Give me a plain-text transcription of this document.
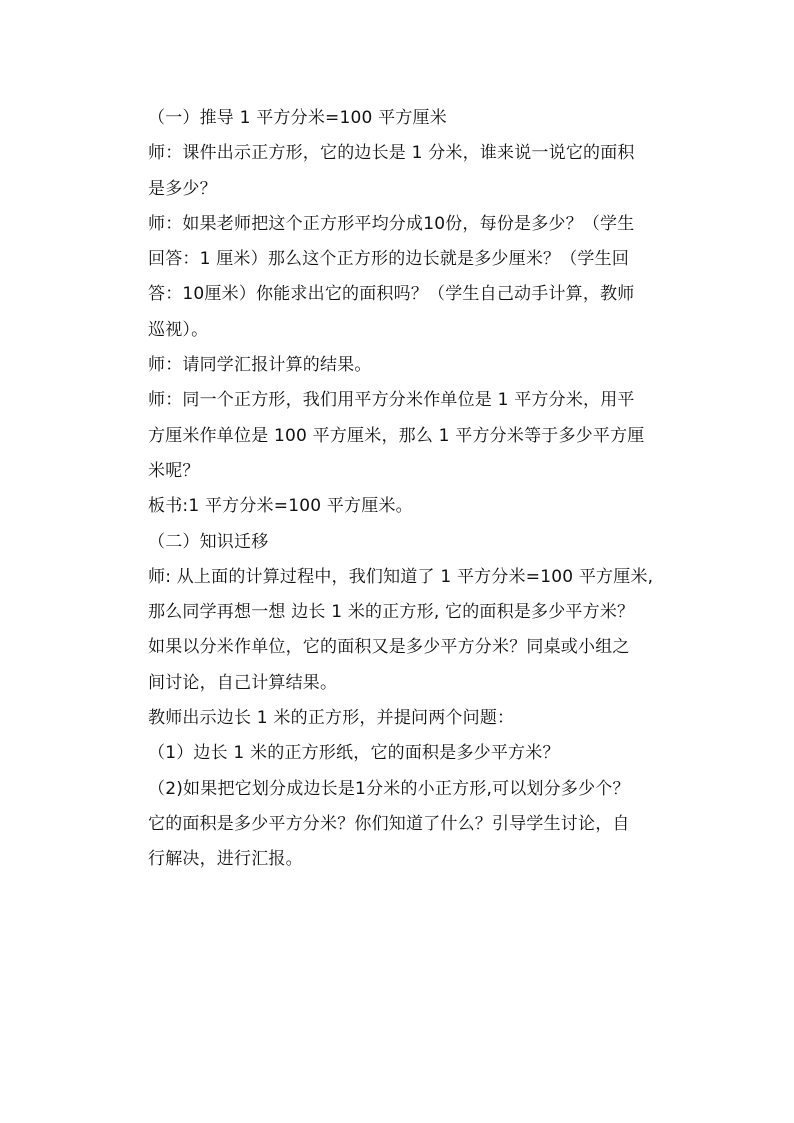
（一）推导 1 平方分米=100 平方厘米
师：课件出示正方形，它的边长是 1 分米，谁来说一说它的面积
是多少？
师：如果老师把这个正方形平均分成10份，每份是多少？（学生
回答：1 厘米）那么这个正方形的边长就是多少厘米？（学生回
答：10厘米）你能求出它的面积吗？（学生自己动手计算，教师
巡视）。
师：请同学汇报计算的结果。
师：同一个正方形，我们用平方分米作单位是 1 平方分米，用平
方厘米作单位是 100 平方厘米，那么 1 平方分米等于多少平方厘
米呢？
板书:1 平方分米=100 平方厘米。
（二）知识迁移
师: 从上面的计算过程中，我们知道了 1 平方分米=100 平方厘米,
那么同学再想一想 边长 1 米的正方形, 它的面积是多少平方米？
如果以分米作单位，它的面积又是多少平方分米？同桌或小组之
间讨论，自己计算结果。
教师出示边长 1 米的正方形，并提问两个问题：
（1）边长 1 米的正方形纸，它的面积是多少平方米？
（2)如果把它划分成边长是1分米的小正方形,可以划分多少个？
它的面积是多少平方分米？你们知道了什么？引导学生讨论，自
行解决，进行汇报。
